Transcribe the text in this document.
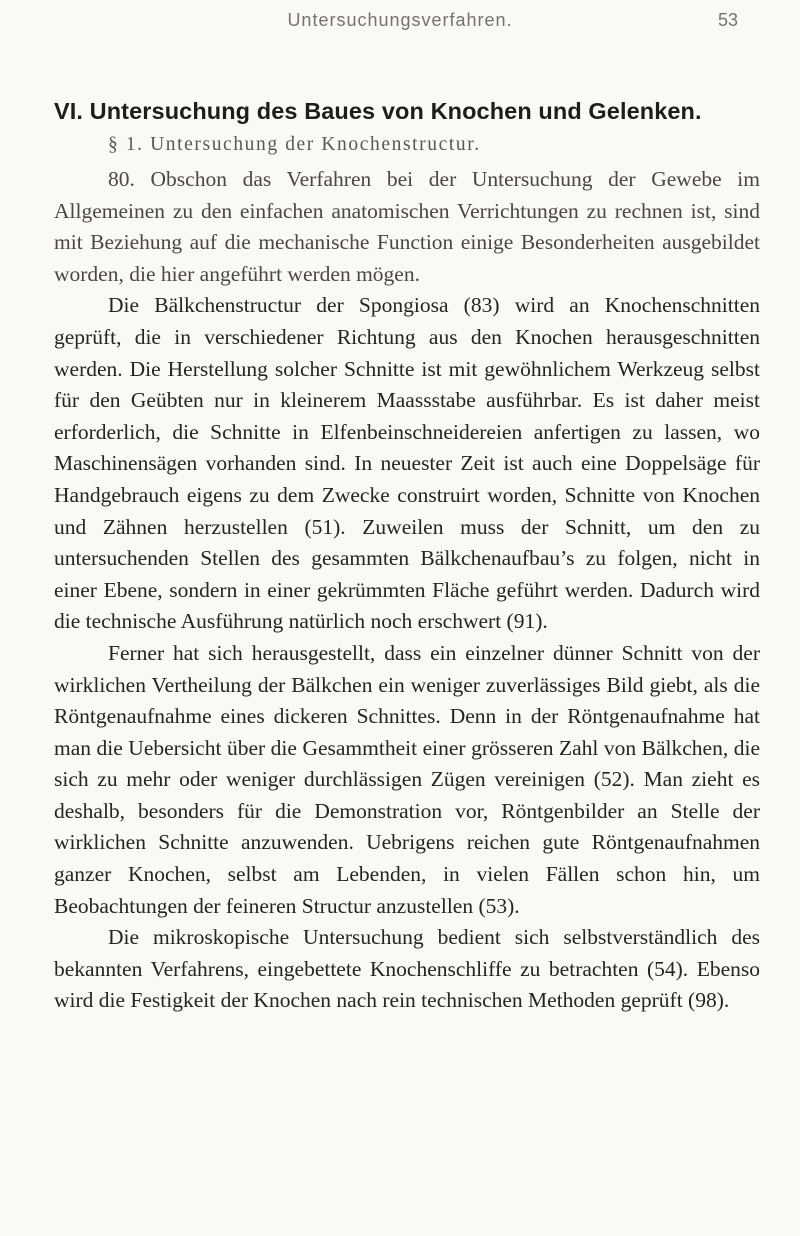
Untersuchungsverfahren.	53
VI. Untersuchung des Baues von Knochen und Gelenken.
§ 1. Untersuchung der Knochenstructur.

80. Obschon das Verfahren bei der Untersuchung der Gewebe im Allgemeinen zu den einfachen anatomischen Verrichtungen zu rechnen ist, sind mit Beziehung auf die mechanische Function einige Besonderheiten ausgebildet worden, die hier angeführt werden mögen.

Die Bälkchenstructur der Spongiosa (83) wird an Knochenschnitten geprüft, die in verschiedener Richtung aus den Knochen herausgeschnitten werden. Die Herstellung solcher Schnitte ist mit gewöhnlichem Werkzeug selbst für den Geübten nur in kleinerem Maassstabe ausführbar. Es ist daher meist erforderlich, die Schnitte in Elfenbeinschneidereien anfertigen zu lassen, wo Maschinensägen vorhanden sind. In neuester Zeit ist auch eine Doppelsäge für Handgebrauch eigens zu dem Zwecke construirt worden, Schnitte von Knochen und Zähnen herzustellen (51). Zuweilen muss der Schnitt, um den zu untersuchenden Stellen des gesammten Bälkchenaufbau’s zu folgen, nicht in einer Ebene, sondern in einer gekrümmten Fläche geführt werden. Dadurch wird die technische Ausführung natürlich noch erschwert (91).

Ferner hat sich herausgestellt, dass ein einzelner dünner Schnitt von der wirklichen Vertheilung der Bälkchen ein weniger zuverlässiges Bild giebt, als die Röntgenaufnahme eines dickeren Schnittes. Denn in der Röntgenaufnahme hat man die Uebersicht über die Gesammtheit einer grösseren Zahl von Bälkchen, die sich zu mehr oder weniger durchlässigen Zügen vereinigen (52). Man zieht es deshalb, besonders für die Demonstration vor, Röntgenbilder an Stelle der wirklichen Schnitte anzuwenden. Uebrigens reichen gute Röntgenaufnahmen ganzer Knochen, selbst am Lebenden, in vielen Fällen schon hin, um Beobachtungen der feineren Structur anzustellen (53).

Die mikroskopische Untersuchung bedient sich selbstverständlich des bekannten Verfahrens, eingebettete Knochenschliffe zu betrachten (54). Ebenso wird die Festigkeit der Knochen nach rein technischen Methoden geprüft (98).
